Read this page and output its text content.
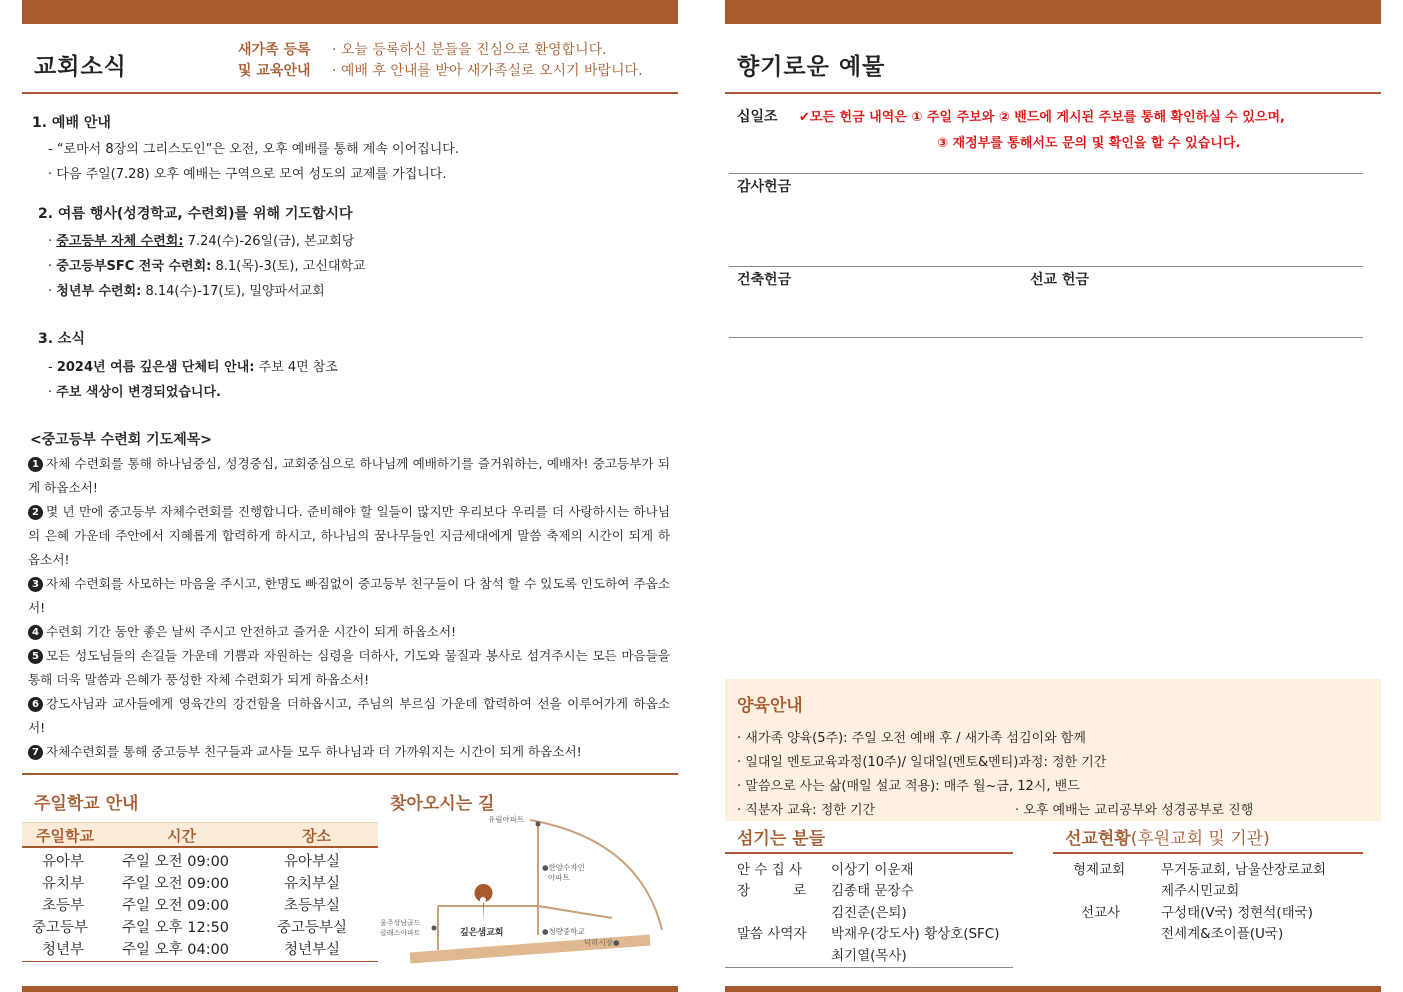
교회소식
새가족 등록
및 교육안내
· 오늘 등록하신 분들을 진심으로 환영합니다.
· 예배 후 안내를 받아 새가족실로 오시기 바랍니다.
1. 예배 안내
- “로마서 8장의 그리스도인”은 오전, 오후 예배를 통해 계속 이어집니다.
· 다음 주일(7.28) 오후 예배는 구역으로 모여 성도의 교제를 가집니다.
2. 여름 행사(성경학교, 수련회)를 위해 기도합시다
· 중고등부 자체 수련회: 7.24(수)-26일(금), 본교회당
· 중고등부SFC 전국 수련회: 8.1(목)-3(토), 고신대학교
· 청년부 수련회: 8.14(수)-17(토), 밀양파서교회
3. 소식
- 2024년 여름 깊은샘 단체티 안내: 주보 4면 참조
· 주보 색상이 변경되었습니다.
<중고등부 수련회 기도제목>

1 자체 수련회를 통해 하나님중심, 성경중심, 교회중심으로 하나님께 예배하기를 즐거워하는, 예배자! 중고등부가 되게 하옵소서!

2 몇 년 만에 중고등부 자체수련회를 진행합니다. 준비해야 할 일들이 많지만 우리보다 우리를 더 사랑하시는 하나님의 은혜 가운데 주안에서 지혜롭게 합력하게 하시고, 하나님의 꿈나무들인 지금세대에게 말씀 축제의 시간이 되게 하옵소서!

3 자체 수련회를 사모하는 마음을 주시고, 한명도 빠짐없이 중고등부 친구들이 다 참석 할 수 있도록 인도하여 주옵소서!

4 수련회 기간 동안 좋은 날씨 주시고 안전하고 즐거운 시간이 되게 하옵소서!

5 모든 성도님들의 손길들 가운데 기쁨과 자원하는 심령을 더하사, 기도와 물질과 봉사로 섬겨주시는 모든 마음들을 통해 더욱 말씀과 은혜가 풍성한 자체 수련회가 되게 하옵소서!

6 강도사님과 교사들에게 영육간의 강건함을 더하옵시고, 주님의 부르심 가운데 합력하여 선을 이루어가게 하옵소서!

7 자체수련회를 통해 중고등부 친구들과 교사들 모두 하나님과 더 가까워지는 시간이 되게 하옵소서!

주일학교 안내
주일학교	시간	장소
유아부	주일 오전 09:00	유아부실
유치부	주일 오전 09:00	유치부실
초등부	주일 오전 09:00	초등부실
중고등부 주일 오후 12:50	중고등부실
청년부	주일 오후 04:00	청년부실
찾아오시는 길
유림아파트
●한양수자인
아파트
울주상남골드
클래스아파트	깊은샘교회	●청량중학교
덕하시장●
송진교차로
청터삼거리
향기로운 예물
십일조 ✔모든 헌금 내역은 ① 주일 주보와 ② 밴드에 게시된 주보를 통해 확인하실 수 있으며,
③ 재정부를 통해서도 문의 및 확인을 할 수 있습니다.
감사헌금
건축헌금	선교 헌금
양육안내
· 새가족 양육(5주): 주일 오전 예배 후 / 새가족 섬김이와 함께
· 일대일 멘토교육과정(10주)/ 일대일(멘토&멘티)과정: 정한 기간
· 말씀으로 사는 삶(매일 설교 적용): 매주 월~금, 12시, 밴드
· 직분자 교육: 정한 기간	· 오후 예배는 교리공부와 성경공부로 진행
섬기는 분들
안 수 집 사 이상기 이운재
장          로 김종태 문장수
김진준(은퇴)
말씀 사역자 박재우(강도사) 황상호(SFC)
최기열(목사)
선교현황(후원교회 및 기관)
형제교회	무거동교회, 남울산장로교회
제주시민교회
선교사	구성태(V국) 정현석(태국)
전세계&조이플(U국)
